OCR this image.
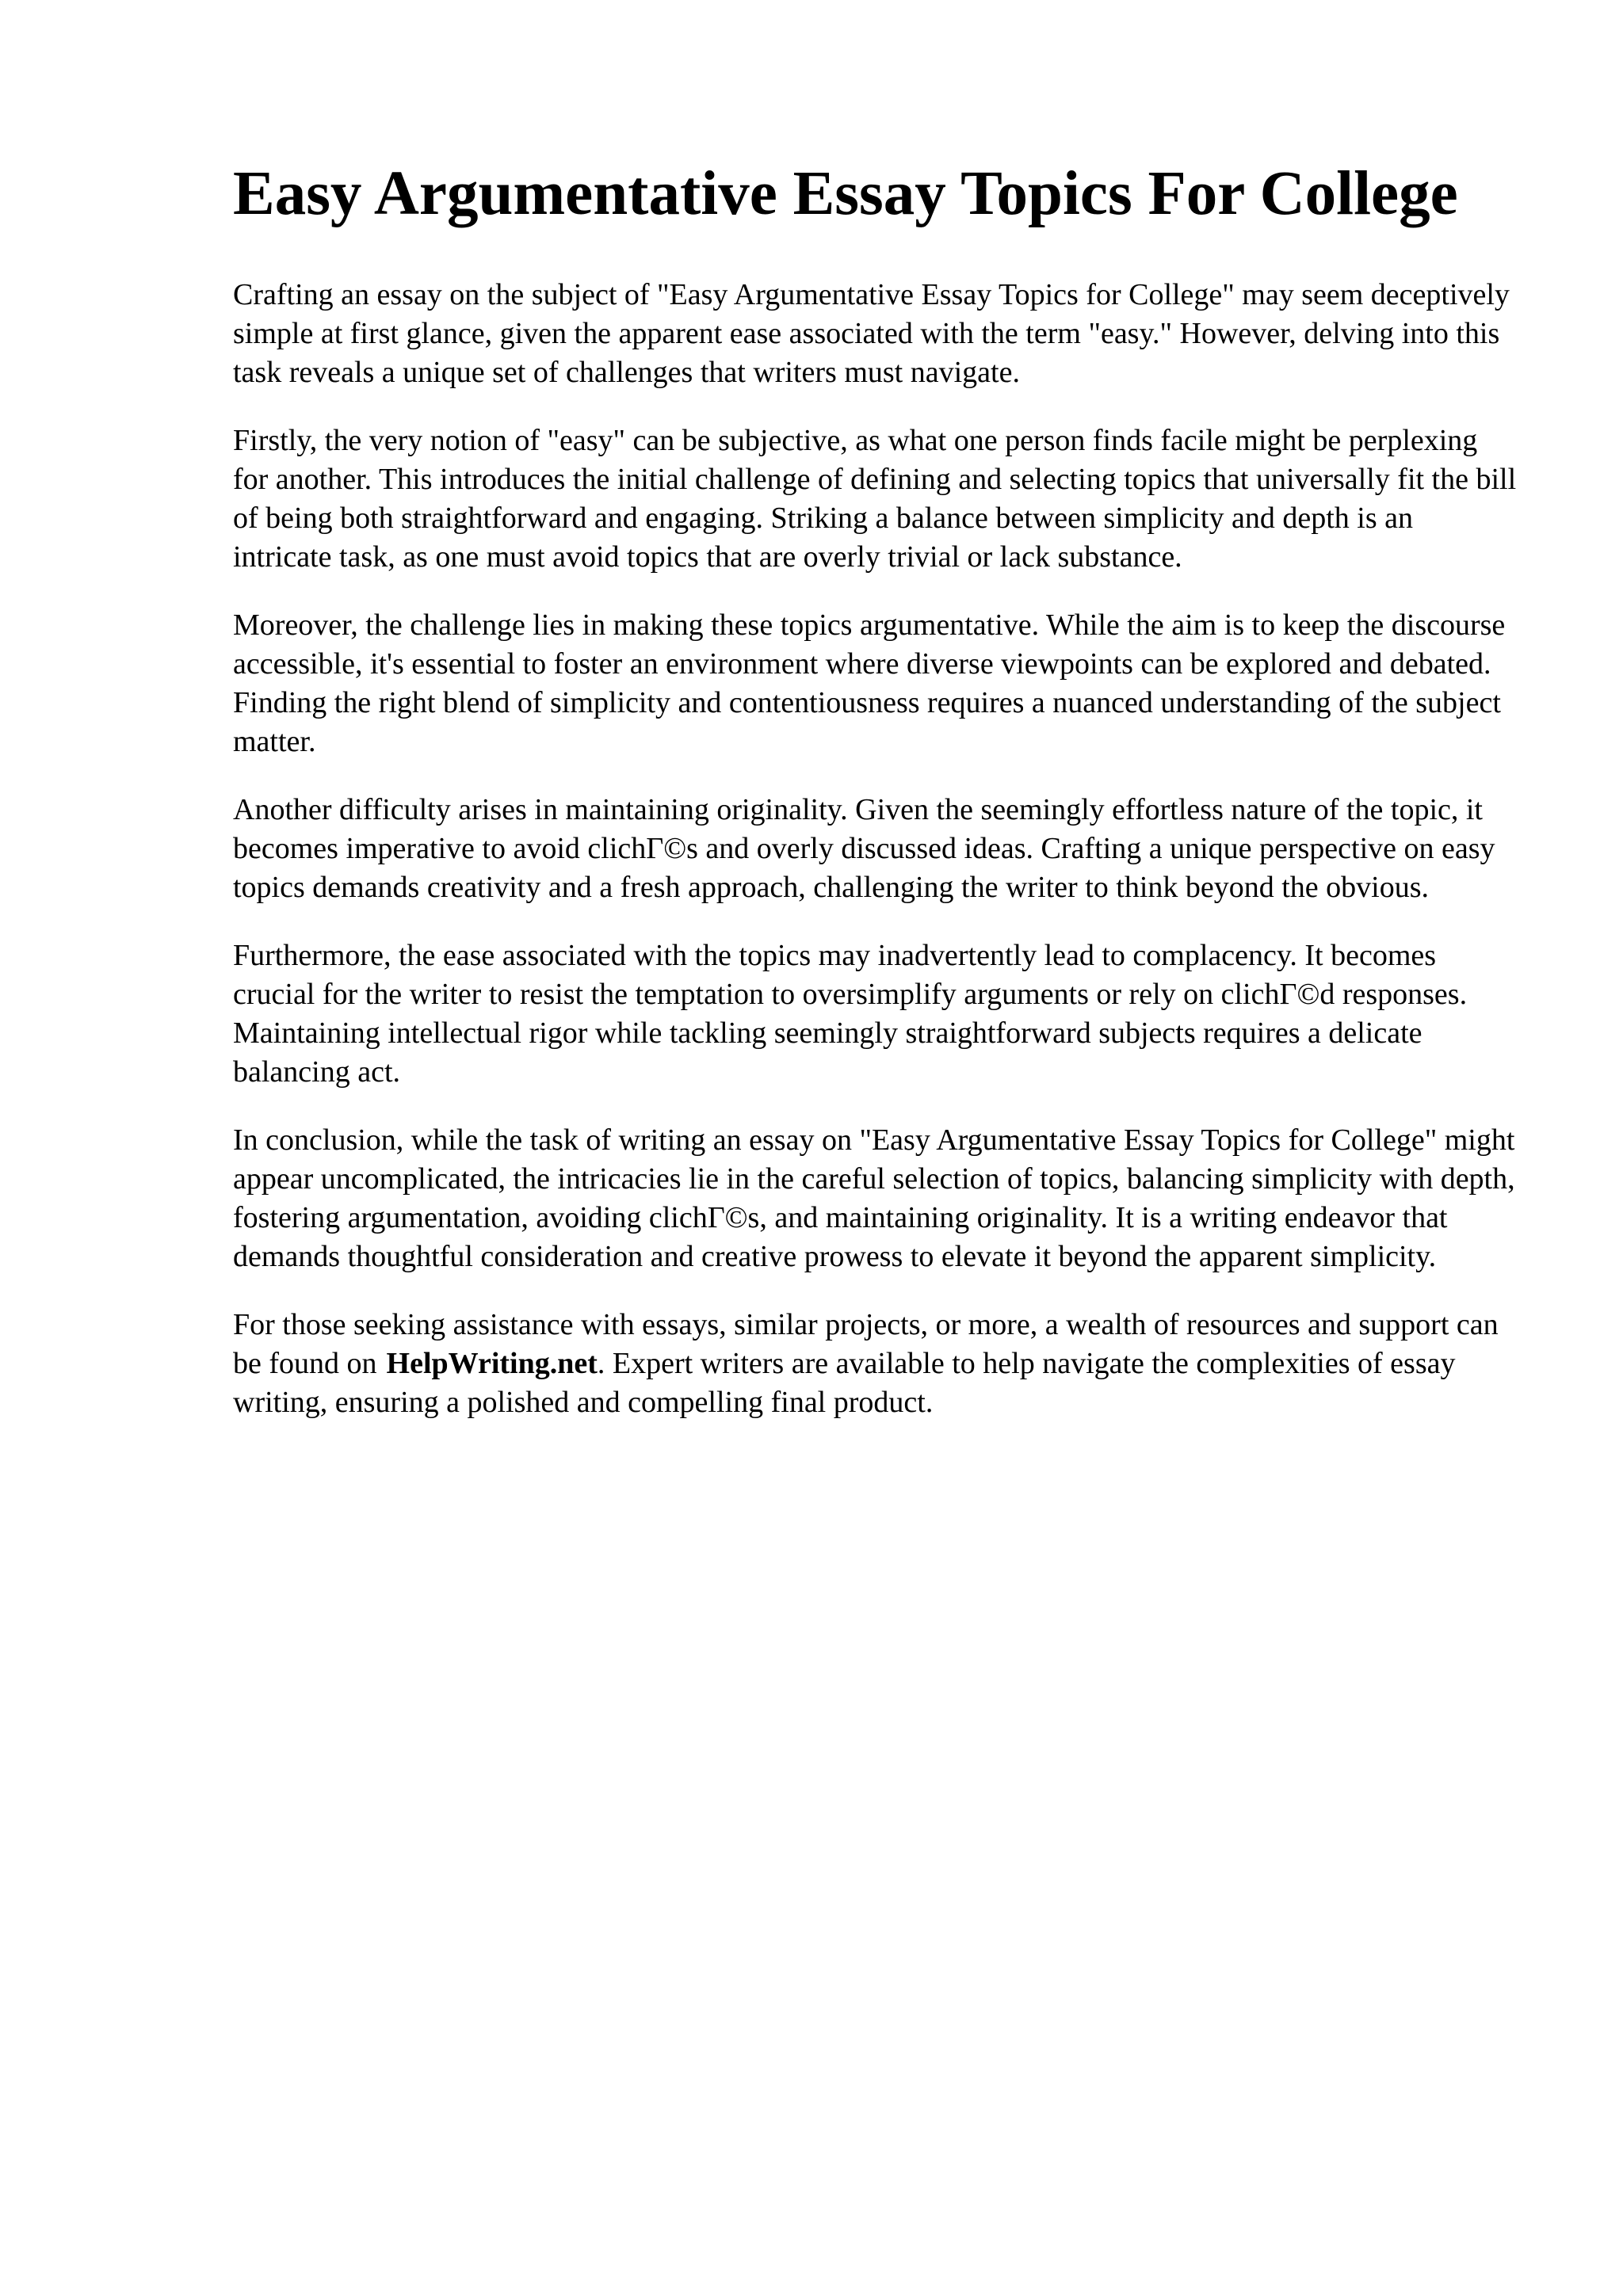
Easy Argumentative Essay Topics For College

Crafting an essay on the subject of "Easy Argumentative Essay Topics for College" may seem deceptively simple at first glance, given the apparent ease associated with the term "easy." However, delving into this task reveals a unique set of challenges that writers must navigate.

Firstly, the very notion of "easy" can be subjective, as what one person finds facile might be perplexing for another. This introduces the initial challenge of defining and selecting topics that universally fit the bill of being both straightforward and engaging. Striking a balance between simplicity and depth is an intricate task, as one must avoid topics that are overly trivial or lack substance.

Moreover, the challenge lies in making these topics argumentative. While the aim is to keep the discourse accessible, it's essential to foster an environment where diverse viewpoints can be explored and debated. Finding the right blend of simplicity and contentiousness requires a nuanced understanding of the subject matter.

Another difficulty arises in maintaining originality. Given the seemingly effortless nature of the topic, it becomes imperative to avoid clichΓ©s and overly discussed ideas. Crafting a unique perspective on easy topics demands creativity and a fresh approach, challenging the writer to think beyond the obvious.

Furthermore, the ease associated with the topics may inadvertently lead to complacency. It becomes crucial for the writer to resist the temptation to oversimplify arguments or rely on clichΓ©d responses. Maintaining intellectual rigor while tackling seemingly straightforward subjects requires a delicate balancing act.

In conclusion, while the task of writing an essay on "Easy Argumentative Essay Topics for College" might appear uncomplicated, the intricacies lie in the careful selection of topics, balancing simplicity with depth, fostering argumentation, avoiding clichΓ©s, and maintaining originality. It is a writing endeavor that demands thoughtful consideration and creative prowess to elevate it beyond the apparent simplicity.

For those seeking assistance with essays, similar projects, or more, a wealth of resources and support can be found on HelpWriting.net. Expert writers are available to help navigate the complexities of essay writing, ensuring a polished and compelling final product.
